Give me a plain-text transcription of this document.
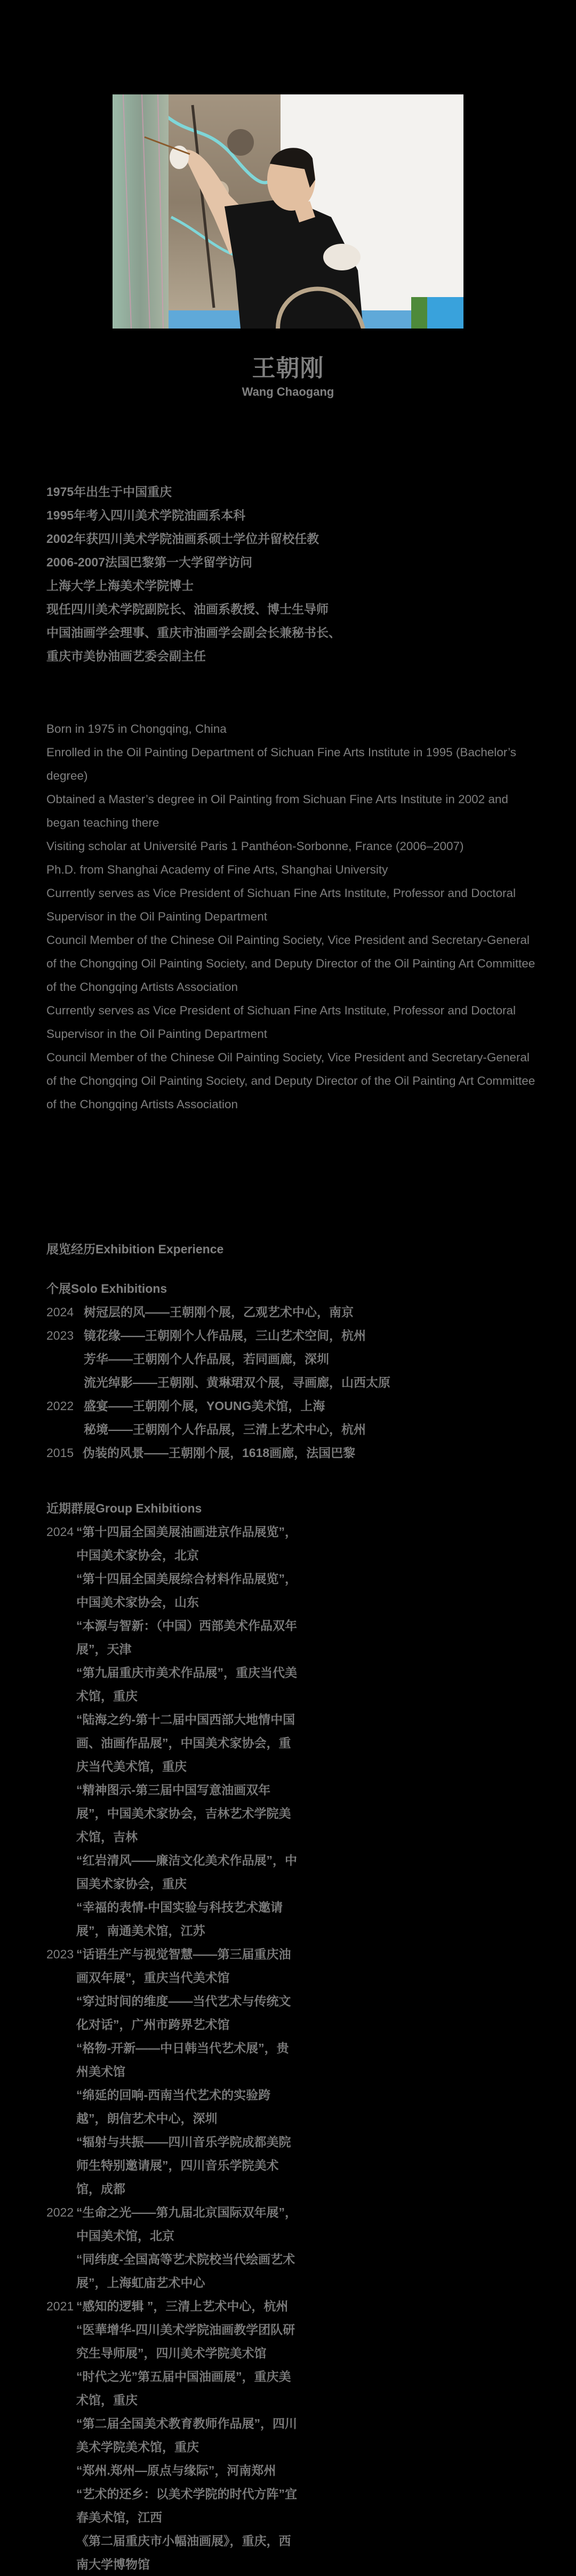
王朝刚
Wang Chaogang

1975年出生于中国重庆

1995年考入四川美术学院油画系本科

2002年获四川美术学院油画系硕士学位并留校任教

2006-2007法国巴黎第一大学留学访问

上海大学上海美术学院博士

现任四川美术学院副院长、油画系教授、博士生导师

中国油画学会理事、重庆市油画学会副会长兼秘书长、

重庆市美协油画艺委会副主任

Born in 1975 in Chongqing, China

Enrolled in the Oil Painting Department of Sichuan Fine Arts Institute in 1995 (Bachelor’s degree)

Obtained a Master’s degree in Oil Painting from Sichuan Fine Arts Institute in 2002 and began teaching there

Visiting scholar at Université Paris 1 Panthéon-Sorbonne, France (2006–2007)

Ph.D. from Shanghai Academy of Fine Arts, Shanghai University

Currently serves as Vice President of Sichuan Fine Arts Institute, Professor and Doctoral Supervisor in the Oil Painting Department

Council Member of the Chinese Oil Painting Society, Vice President and Secretary-General of the Chongqing Oil Painting Society, and Deputy Director of the Oil Painting Art Committee of the Chongqing Artists Association

Currently serves as Vice President of Sichuan Fine Arts Institute, Professor and Doctoral Supervisor in the Oil Painting Department

Council Member of the Chinese Oil Painting Society, Vice President and Secretary-General of the Chongqing Oil Painting Society, and Deputy Director of the Oil Painting Art Committee of the Chongqing Artists Association

展览经历Exhibition Experience
个展Solo Exhibitions
2024 树冠层的风——王朝刚个展，乙观艺术中心，南京
2023 镜花缘——王朝刚个人作品展，三山艺术空间，杭州
芳华——王朝刚个人作品展，若同画廊，深圳
流光绰影——王朝刚、黄琳珺双个展，寻画廊，山西太原
2022 盛宴——王朝刚个展，YOUNG美术馆，上海
秘境——王朝刚个人作品展，三清上艺术中心，杭州
2015 伪装的风景——王朝刚个展，1618画廊，法国巴黎
近期群展Group Exhibitions
2024 “第十四届全国美展油画进京作品展览”，中国美术家协会，北京
“第十四届全国美展综合材料作品展览”，中国美术家协会，山东
“本源与智新：（中国）西部美术作品双年展”，天津
“第九届重庆市美术作品展”，重庆当代美术馆，重庆
“陆海之约-第十二届中国西部大地情中国画、油画作品展”，中国美术家协会，重庆当代美术馆，重庆
“精神图示-第三届中国写意油画双年展”，中国美术家协会，吉林艺术学院美术馆，吉林
“红岩清风——廉洁文化美术作品展”，中国美术家协会，重庆
“幸福的表情-中国实验与科技艺术邀请展”，南通美术馆，江苏
2023 “话语生产与视觉智慧——第三届重庆油画双年展”，重庆当代美术馆
“穿过时间的维度——当代艺术与传统文化对话”，广州市跨界艺术馆
“格物-开新——中日韩当代艺术展”，贵州美术馆
“绵延的回响-西南当代艺术的实验跨越”，朗信艺术中心，深圳
“辐射与共振——四川音乐学院成都美院师生特别邀请展”，四川音乐学院美术馆，成都
2022 “生命之光——第九届北京国际双年展”，中国美术馆，北京
“同纬度-全国高等艺术院校当代绘画艺术展”，上海虹庙艺术中心
2021 “感知的逻辑 ”，三清上艺术中心，杭州
“医華增华-四川美术学院油画教学团队研究生导师展”，四川美术学院美术馆
“时代之光”第五届中国油画展”，重庆美术馆，重庆
“第二届全国美术教育教师作品展”，四川美术学院美术馆，重庆
“郑州.郑州—原点与缘际”，河南郑州
“艺术的还乡：以美术学院的时代方阵”宜春美术馆，江西
《第二届重庆市小幅油画展》，重庆，西南大学博物馆
